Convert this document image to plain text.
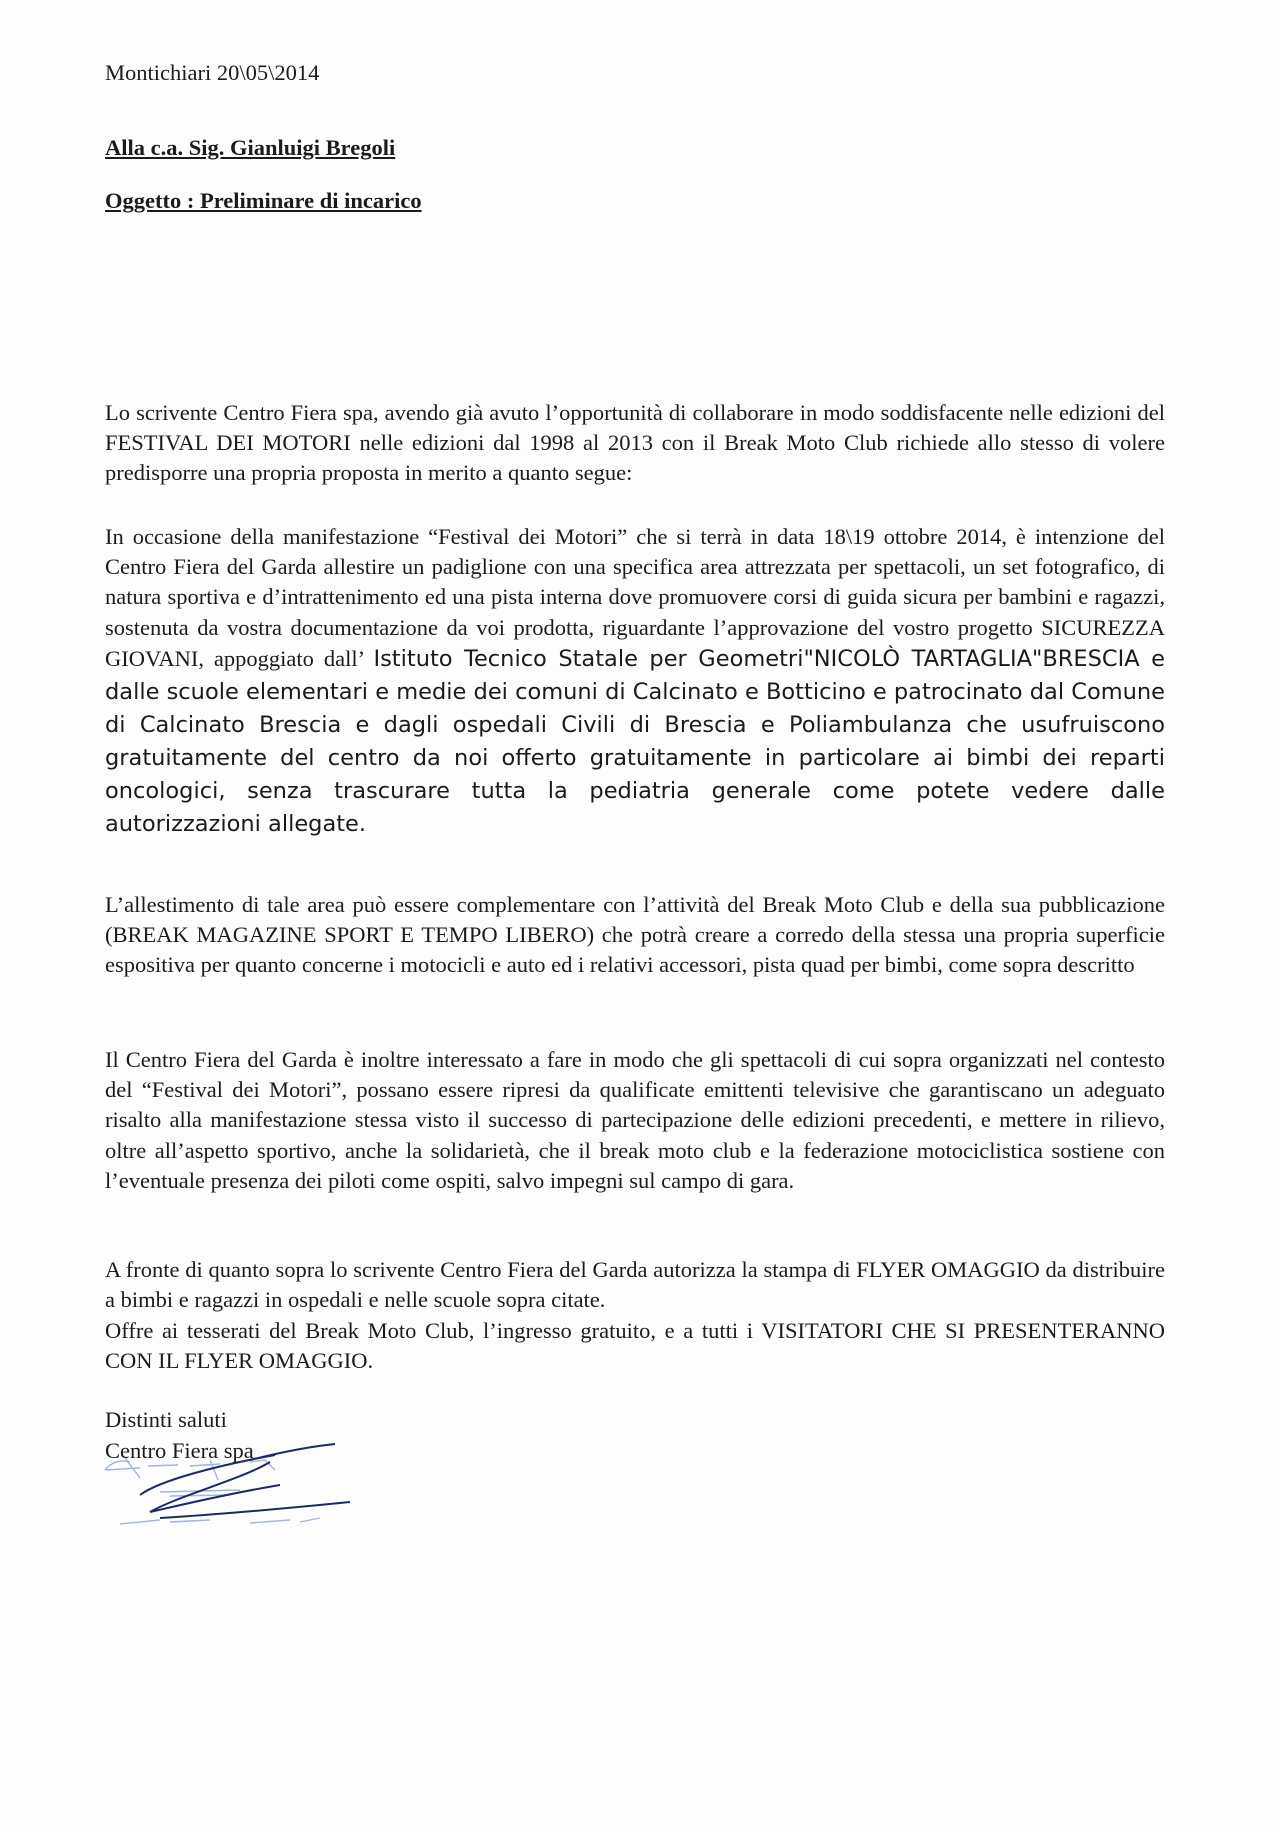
Montichiari 20\05\2014

Alla c.a. Sig. Gianluigi Bregoli

Oggetto : Preliminare di incarico

Lo scrivente Centro Fiera spa, avendo già avuto l’opportunità di collaborare in modo soddisfacente nelle edizioni del FESTIVAL DEI MOTORI nelle edizioni dal 1998 al 2013 con il Break Moto Club richiede allo stesso di volere predisporre una propria proposta in merito a quanto segue:

In occasione della manifestazione “Festival dei Motori” che si terrà in data 18\19 ottobre 2014, è intenzione del Centro Fiera del Garda allestire un padiglione con una specifica area attrezzata per spettacoli, un set fotografico, di natura sportiva e d’intrattenimento ed una pista interna dove promuovere corsi di guida sicura per bambini e ragazzi, sostenuta da vostra documentazione da voi prodotta, riguardante l’approvazione del vostro progetto SICUREZZA GIOVANI, appoggiato dall’ Istituto Tecnico Statale per Geometri"NICOLÒ TARTAGLIA"BRESCIA e dalle scuole elementari e medie dei comuni di Calcinato e Botticino e patrocinato dal Comune di Calcinato Brescia e dagli ospedali Civili di Brescia e Poliambulanza che usufruiscono gratuitamente del centro da noi offerto gratuitamente in particolare ai bimbi dei reparti oncologici, senza trascurare tutta la pediatria generale come potete vedere dalle autorizzazioni allegate.

L’allestimento di tale area può essere complementare con l’attività del Break Moto Club e della sua pubblicazione (BREAK MAGAZINE SPORT E TEMPO LIBERO) che potrà creare a corredo della stessa una propria superficie espositiva per quanto concerne i motocicli e auto ed i relativi accessori, pista quad per bimbi, come sopra descritto

Il Centro Fiera del Garda è inoltre interessato a fare in modo che gli spettacoli di cui sopra organizzati nel contesto del “Festival dei Motori”, possano essere ripresi da qualificate emittenti televisive che garantiscano un adeguato risalto alla manifestazione stessa visto il successo di partecipazione delle edizioni precedenti, e mettere in rilievo, oltre all’aspetto sportivo, anche la solidarietà, che il break moto club e la federazione motociclistica sostiene con l’eventuale presenza dei piloti come ospiti, salvo impegni sul campo di gara.

A fronte di quanto sopra lo scrivente Centro Fiera del Garda autorizza la stampa di FLYER OMAGGIO da distribuire a bimbi e ragazzi in ospedali e nelle scuole sopra citate.

Offre ai tesserati del Break Moto Club, l’ingresso gratuito, e a tutti i VISITATORI CHE SI PRESENTERANNO CON IL FLYER OMAGGIO.

Distinti saluti

Centro Fiera spa
